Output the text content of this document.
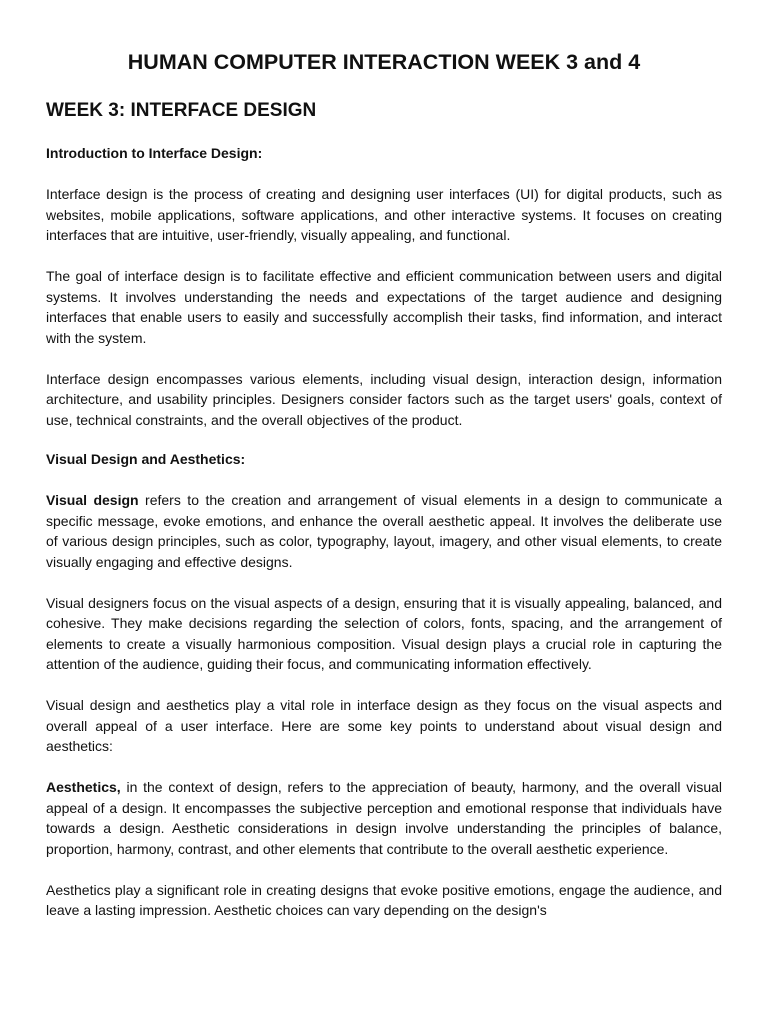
HUMAN COMPUTER INTERACTION WEEK 3 and 4
WEEK 3: INTERFACE DESIGN
Introduction to Interface Design:

Interface design is the process of creating and designing user interfaces (UI) for digital products, such as websites, mobile applications, software applications, and other interactive systems. It focuses on creating interfaces that are intuitive, user-friendly, visually appealing, and functional.

The goal of interface design is to facilitate effective and efficient communication between users and digital systems. It involves understanding the needs and expectations of the target audience and designing interfaces that enable users to easily and successfully accomplish their tasks, find information, and interact with the system.

Interface design encompasses various elements, including visual design, interaction design, information architecture, and usability principles. Designers consider factors such as the target users' goals, context of use, technical constraints, and the overall objectives of the product.

Visual Design and Aesthetics:

Visual design refers to the creation and arrangement of visual elements in a design to communicate a specific message, evoke emotions, and enhance the overall aesthetic appeal. It involves the deliberate use of various design principles, such as color, typography, layout, imagery, and other visual elements, to create visually engaging and effective designs.

Visual designers focus on the visual aspects of a design, ensuring that it is visually appealing, balanced, and cohesive. They make decisions regarding the selection of colors, fonts, spacing, and the arrangement of elements to create a visually harmonious composition. Visual design plays a crucial role in capturing the attention of the audience, guiding their focus, and communicating information effectively.

Visual design and aesthetics play a vital role in interface design as they focus on the visual aspects and overall appeal of a user interface. Here are some key points to understand about visual design and aesthetics:

Aesthetics, in the context of design, refers to the appreciation of beauty, harmony, and the overall visual appeal of a design. It encompasses the subjective perception and emotional response that individuals have towards a design. Aesthetic considerations in design involve understanding the principles of balance, proportion, harmony, contrast, and other elements that contribute to the overall aesthetic experience.

Aesthetics play a significant role in creating designs that evoke positive emotions, engage the audience, and leave a lasting impression. Aesthetic choices can vary depending on the design's
